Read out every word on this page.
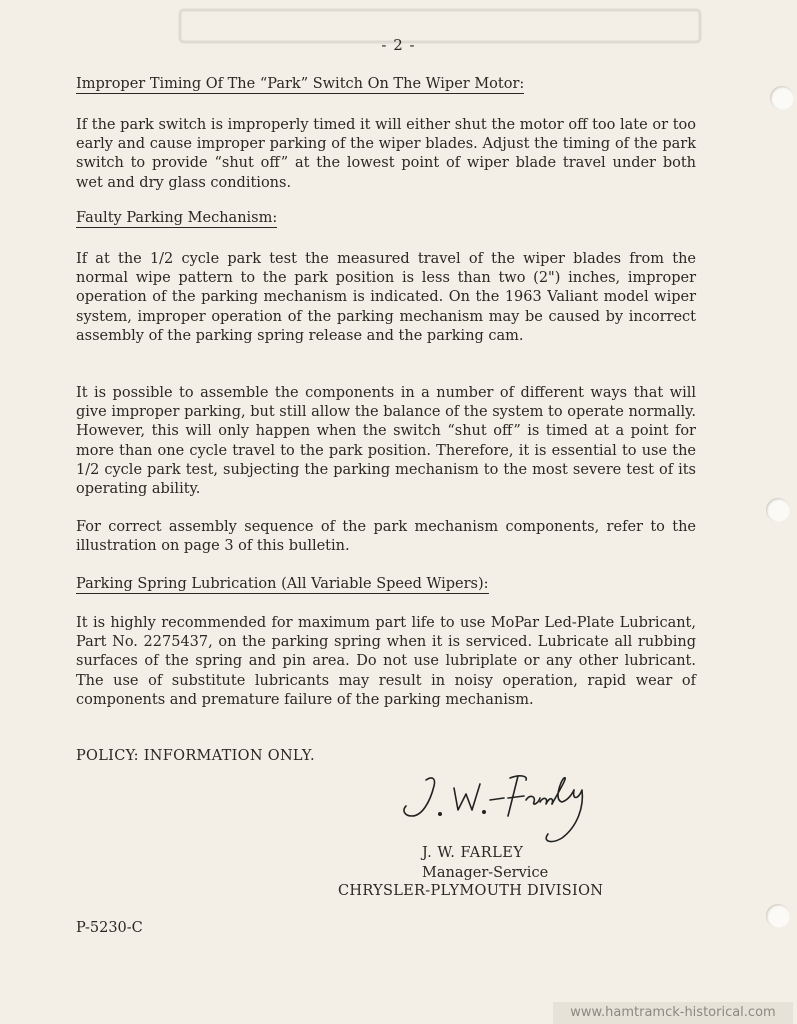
- 2 -
Improper Timing Of The “Park” Switch On The Wiper Motor:
If the park switch is improperly timed it will either shut the motor off too late or too early and cause improper parking of the wiper blades. Adjust the timing of the park switch to provide “shut off” at the lowest point of wiper blade travel under both wet and dry glass conditions.
Faulty Parking Mechanism:
If at the 1/2 cycle park test the measured travel of the wiper blades from the normal wipe pattern to the park position is less than two (2") inches, improper operation of the parking mechanism is indicated. On the 1963 Valiant model wiper system, improper operation of the parking mechanism may be caused by incorrect assembly of the parking spring release and the parking cam.
It is possible to assemble the components in a number of different ways that will give improper parking, but still allow the balance of the system to operate normally. However, this will only happen when the switch “shut off” is timed at a point for more than one cycle travel to the park position. Therefore, it is essential to use the 1/2 cycle park test, subjecting the parking mechanism to the most severe test of its operating ability.
For correct assembly sequence of the park mechanism components, refer to the illustration on page 3 of this bulletin.
Parking Spring Lubrication (All Variable Speed Wipers):
It is highly recommended for maximum part life to use MoPar Led-Plate Lubricant, Part No. 2275437, on the parking spring when it is serviced. Lubricate all rubbing surfaces of the spring and pin area. Do not use lubriplate or any other lubricant. The use of substitute lubricants may result in noisy operation, rapid wear of components and premature failure of the parking mechanism.
POLICY: INFORMATION ONLY.
J. W. FARLEY
Manager-Service
CHRYSLER-PLYMOUTH DIVISION
P-5230-C
www.hamtramck-historical.com
